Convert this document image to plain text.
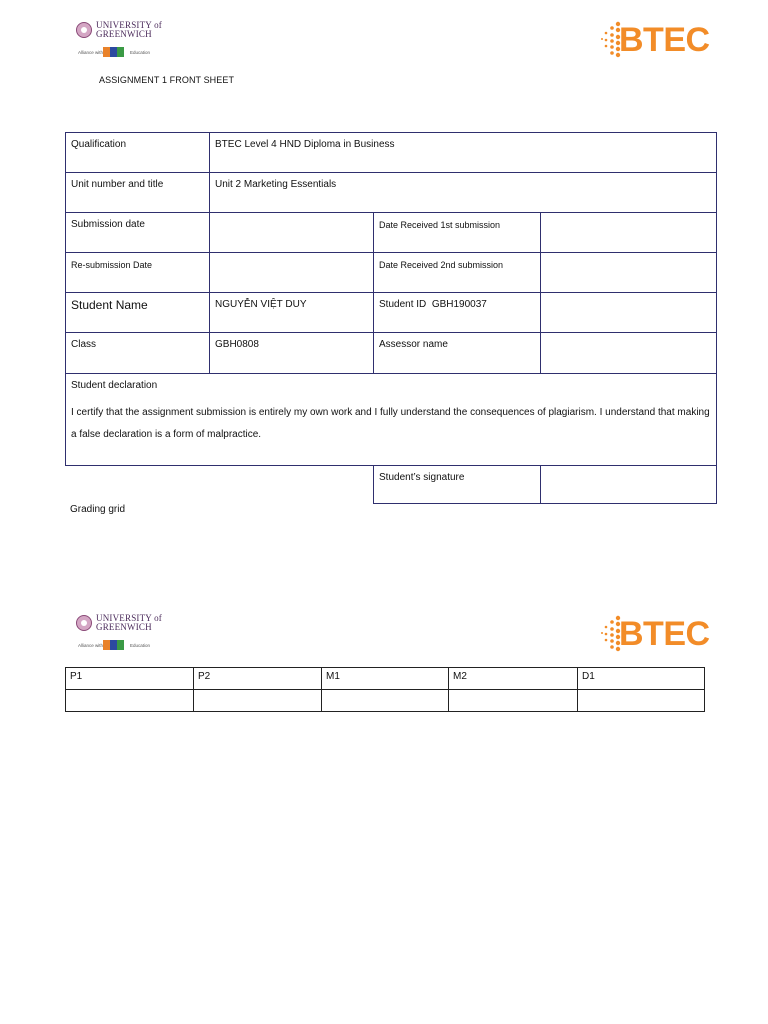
UNIVERSITY of
GREENWICH
Alliance with	Education	BTEC
ASSIGNMENT 1 FRONT SHEET
Qualification	BTEC Level 4 HND Diploma in Business		
Unit number and title	Unit 2 Marketing Essentials		
Submission date		Date Received 1st submission	
Re-submission Date		Date Received 2nd submission	
Student Name	NGUYỄN VIỆT DUY	Student ID GBH190037	
Class	GBH0808	Assessor name	

Student declaration
I certify that the assignment submission is entirely my own work and I fully understand the consequences of plagiarism. I understand that making a false declaration is a form of malpractice.			

		Student’s signature	
Grading grid
UNIVERSITY of
GREENWICH
Alliance with	Education	BTEC
P1	P2	M1	M2	D1
